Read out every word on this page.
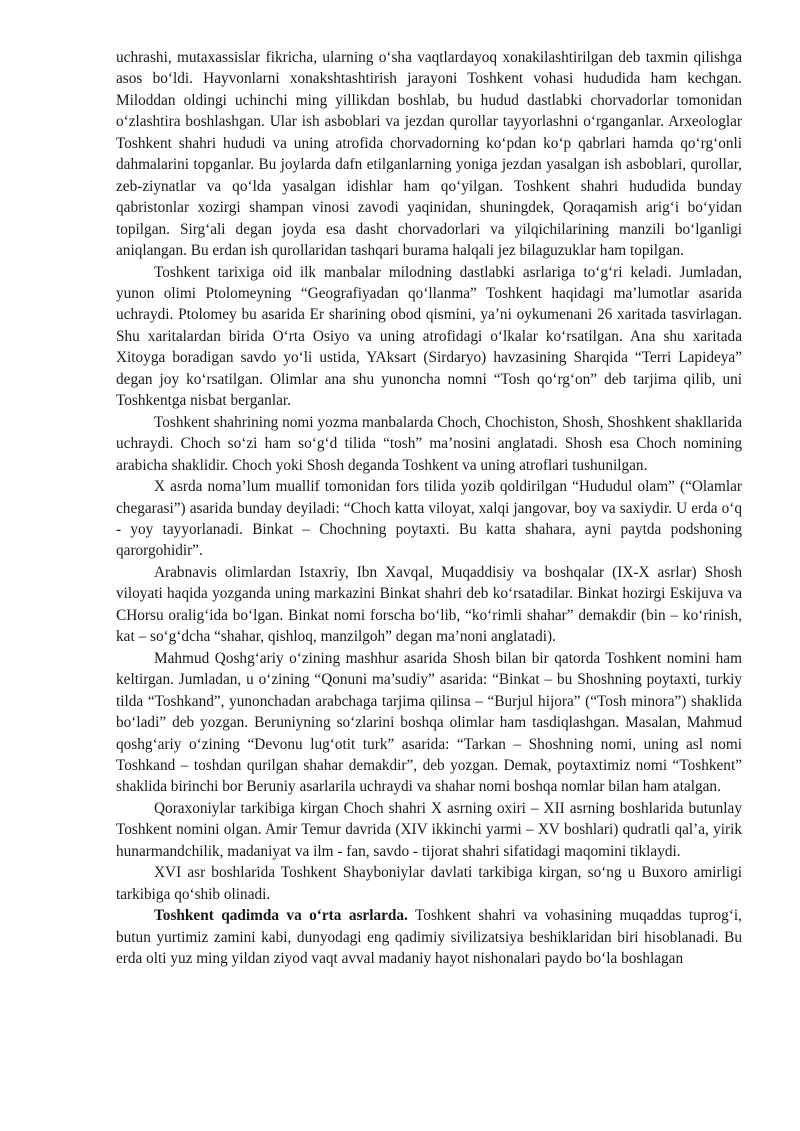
uchrashi, mutaxassislar fikricha, ularning o‘sha vaqtlardayoq xonakilashtirilgan deb taxmin qilishga asos bo‘ldi. Hayvonlarni xonakshtashtirish jarayoni Toshkent vohasi hududida ham kechgan. Miloddan oldingi uchinchi ming yillikdan boshlab, bu hudud dastlabki chorvadorlar tomonidan o‘zlashtira boshlashgan. Ular ish asboblari va jezdan qurollar tayyorlashni o‘rganganlar. Arxeologlar Toshkent shahri hududi va uning atrofida chorvadorning ko‘pdan ko‘p qabrlari hamda qo‘rg‘onli dahmalarini topganlar. Bu joylarda dafn etilganlarning yoniga jezdan yasalgan ish asboblari, qurollar, zeb-ziynatlar va qo‘lda yasalgan idishlar ham qo‘yilgan. Toshkent shahri hududida bunday qabristonlar xozirgi shampan vinosi zavodi yaqinidan, shuningdek, Qoraqamish arig‘i bo‘yidan topilgan. Sirg‘ali degan joyda esa dasht chorvadorlari va yilqichilarining manzili bo‘lganligi aniqlangan. Bu erdan ish qurollaridan tashqari burama halqali jez bilaguzuklar ham topilgan.

Toshkent tarixiga oid ilk manbalar milodning dastlabki asrlariga to‘g‘ri keladi. Jumladan, yunon olimi Ptolomeyning “Geografiyadan qo‘llanma” Toshkent haqidagi ma’lumotlar asarida uchraydi. Ptolomey bu asarida Er sharining obod qismini, ya’ni oykumenani 26 xaritada tasvirlagan. Shu xaritalardan birida O‘rta Osiyo va uning atrofidagi o‘lkalar ko‘rsatilgan. Ana shu xaritada Xitoyga boradigan savdo yo‘li ustida, YAksart (Sirdaryo) havzasining Sharqida “Terri Lapideya” degan joy ko‘rsatilgan. Olimlar ana shu yunoncha nomni “Tosh qo‘rg‘on” deb tarjima qilib, uni Toshkentga nisbat berganlar.

Toshkent shahrining nomi yozma manbalarda Choch, Chochiston, Shosh, Shoshkent shakllarida uchraydi. Choch so‘zi ham so‘g‘d tilida “tosh” ma’nosini anglatadi. Shosh esa Choch nomining arabicha shaklidir. Choch yoki Shosh deganda Toshkent va uning atroflari tushunilgan.

X asrda noma’lum muallif tomonidan fors tilida yozib qoldirilgan “Hududul olam” (“Olamlar chegarasi”) asarida bunday deyiladi: “Choch katta viloyat, xalqi jangovar, boy va saxiydir. U erda o‘q - yoy tayyorlanadi. Binkat – Chochning poytaxti. Bu katta shahara, ayni paytda podshoning qarorgohidir”.

Arabnavis olimlardan Istaxriy, Ibn Xavqal, Muqaddisiy va boshqalar (IX-X asrlar) Shosh viloyati haqida yozganda uning markazini Binkat shahri deb ko‘rsatadilar. Binkat hozirgi Eskijuva va CHorsu oralig‘ida bo‘lgan. Binkat nomi forscha bo‘lib, “ko‘rimli shahar” demakdir (bin – ko‘rinish, kat – so‘g‘dcha “shahar, qishloq, manzilgoh” degan ma’noni anglatadi).

Mahmud Qoshg‘ariy o‘zining mashhur asarida Shosh bilan bir qatorda Toshkent nomini ham keltirgan. Jumladan, u o‘zining “Qonuni ma’sudiy” asarida: “Binkat – bu Shoshning poytaxti, turkiy tilda “Toshkand”, yunonchadan arabchaga tarjima qilinsa – “Burjul hijora” (“Tosh minora”) shaklida bo‘ladi” deb yozgan. Beruniyning so‘zlarini boshqa olimlar ham tasdiqlashgan. Masalan, Mahmud qoshg‘ariy o‘zining “Devonu lug‘otit turk” asarida: “Tarkan – Shoshning nomi, uning asl nomi Toshkand – toshdan qurilgan shahar demakdir”, deb yozgan. Demak, poytaxtimiz nomi “Toshkent” shaklida birinchi bor Beruniy asarlarila uchraydi va shahar nomi boshqa nomlar bilan ham atalgan.

Qoraxoniylar tarkibiga kirgan Choch shahri X asrning oxiri – XII asrning boshlarida butunlay Toshkent nomini olgan. Amir Temur davrida (XIV ikkinchi yarmi – XV boshlari) qudratli qal’a, yirik hunarmandchilik, madaniyat va ilm - fan, savdo - tijorat shahri sifatidagi maqomini tiklaydi.

XVI asr boshlarida Toshkent Shayboniylar davlati tarkibiga kirgan, so‘ng u Buxoro amirligi tarkibiga qo‘shib olinadi.

Toshkent qadimda va o‘rta asrlarda. Toshkent shahri va vohasining muqaddas tuprog‘i, butun yurtimiz zamini kabi, dunyodagi eng qadimiy sivilizatsiya beshiklaridan biri hisoblanadi. Bu erda olti yuz ming yildan ziyod vaqt avval madaniy hayot nishonalari paydo bo‘la boshlagan
